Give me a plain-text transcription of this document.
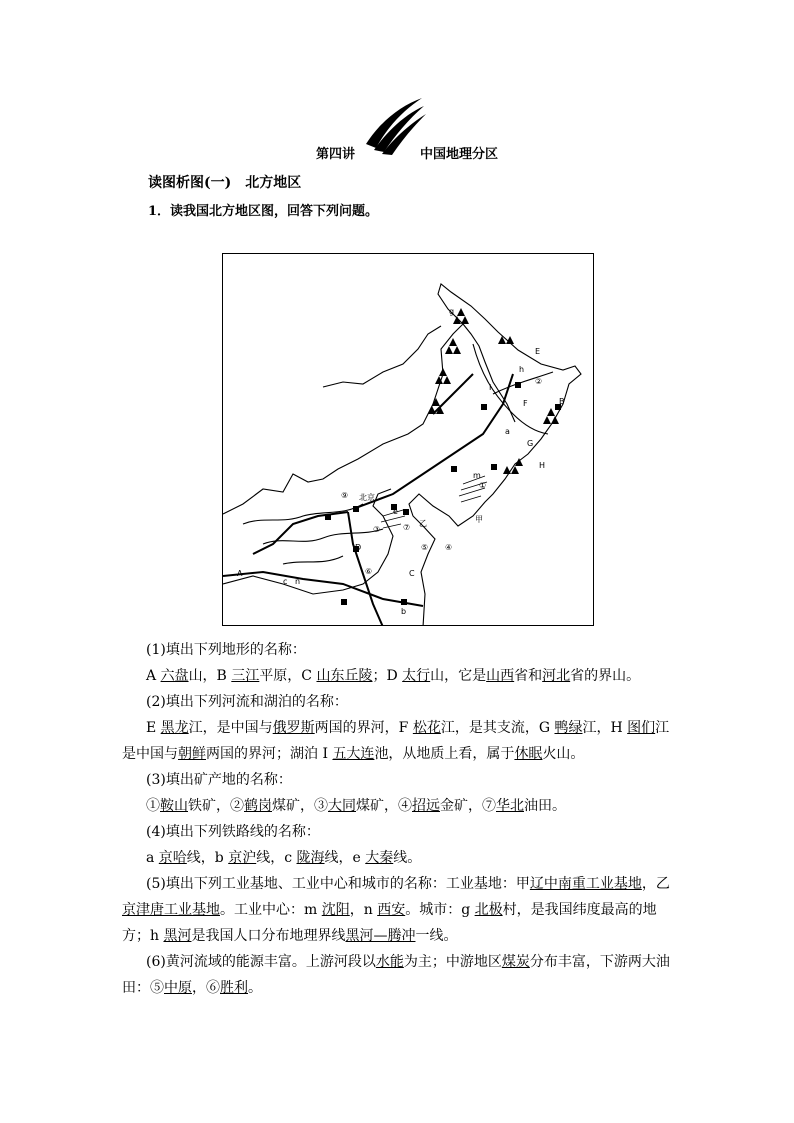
第四讲	中国地理分区
读图析图(一)　北方地区
1．读我国北方地区图，回答下列问题。
A
B
C
D
E
F
G
H
I
a
b
c
e
g
h
m
n
甲
乙
北京
①
②
③
④
⑤
⑥
⑦
⑨

(1)填出下列地形的名称：

A 六盘山，B 三江平原，C 山东丘陵；D 太行山，它是山西省和河北省的界山。

(2)填出下列河流和湖泊的名称：

E 黑龙江，是中国与俄罗斯两国的界河，F 松花江，是其支流，G 鸭绿江，H 图们江是中国与朝鲜两国的界河；湖泊 I 五大连池，从地质上看，属于休眠火山。

(3)填出矿产地的名称：

①鞍山铁矿，②鹤岗煤矿，③大同煤矿，④招远金矿，⑦华北油田。

(4)填出下列铁路线的名称：

a 京哈线，b 京沪线，c 陇海线，e 大秦线。

(5)填出下列工业基地、工业中心和城市的名称：工业基地：甲辽中南重工业基地，乙 京津唐工业基地。工业中心：m 沈阳，n 西安。城市：g 北极村，是我国纬度最高的地方；h 黑河是我国人口分布地理界线黑河—腾冲一线。

(6)黄河流域的能源丰富。上游河段以水能为主；中游地区煤炭分布丰富，下游两大油田：⑤中原，⑥胜利。
